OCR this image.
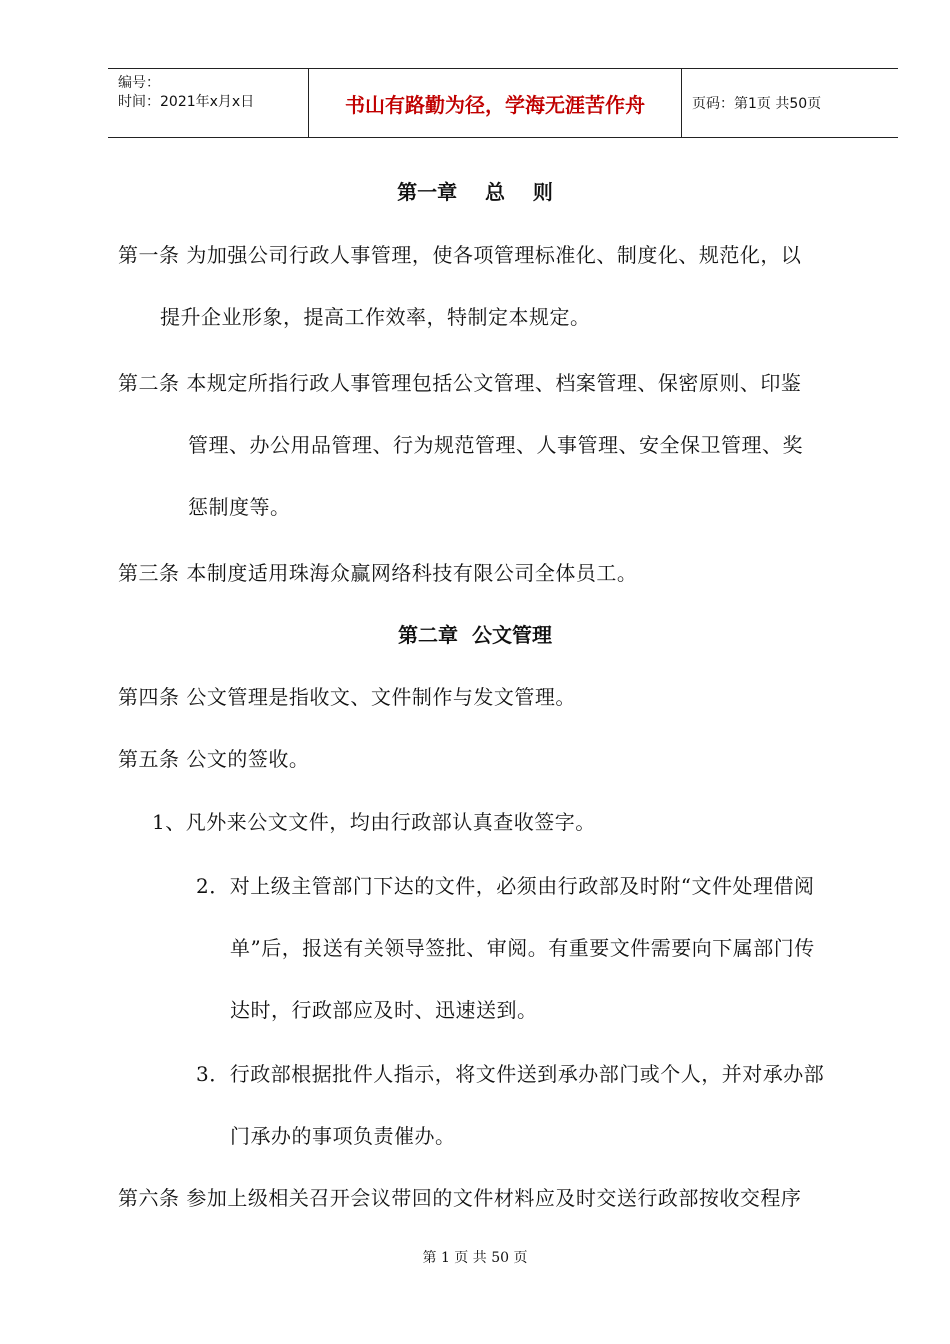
编号：
时间：2021年x月x日	书山有路勤为径，学海无涯苦作舟	页码：第1页 共50页
第一章    总    则
第一条 为加强公司行政人事管理，使各项管理标准化、制度化、规范化，以
提升企业形象，提高工作效率，特制定本规定。
第二条 本规定所指行政人事管理包括公文管理、档案管理、保密原则、印鉴
管理、办公用品管理、行为规范管理、人事管理、安全保卫管理、奖
惩制度等。
第三条 本制度适用珠海众赢网络科技有限公司全体员工。
第二章  公文管理
第四条 公文管理是指收文、文件制作与发文管理。
第五条 公文的签收。
1、凡外来公文文件，均由行政部认真查收签字。
2．对上级主管部门下达的文件，必须由行政部及时附“文件处理借阅
单”后，报送有关领导签批、审阅。有重要文件需要向下属部门传
达时，行政部应及时、迅速送到。
3．行政部根据批件人指示，将文件送到承办部门或个人，并对承办部
门承办的事项负责催办。
第六条 参加上级相关召开会议带回的文件材料应及时交送行政部按收交程序
第 1 页 共 50 页
